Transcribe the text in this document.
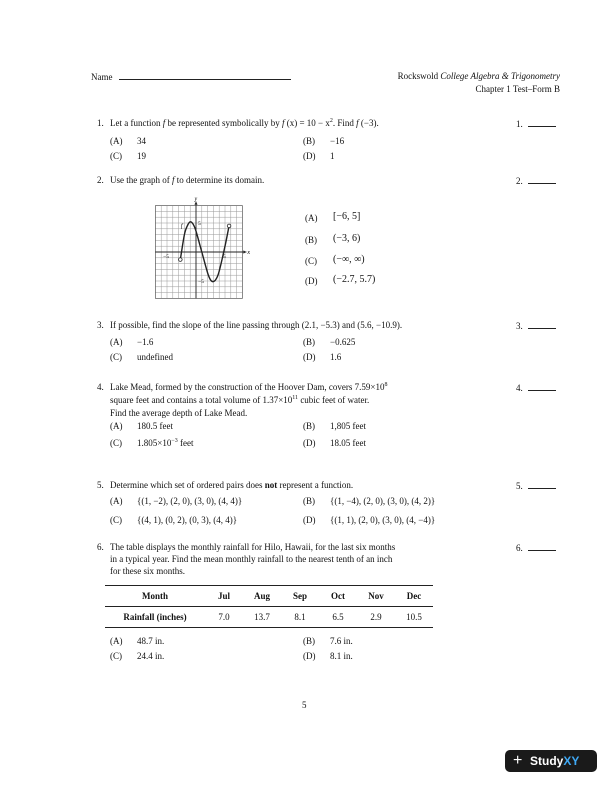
Name	Rockswold College Algebra & Trigonometry
Chapter 1 Test–Form B
1. Let a function f be represented symbolically by f $(x) = 10 - x^2$. Find f (−3).	1.
(A) 34	(B) −16
(C) 19	(D) 1
2. Use the graph of f to determine its domain.	2.
y
x
f
5
−5
5
−5
(A) [−6, 5]
(B) (−3, 6)
(C) (−∞, ∞)
(D) (−2.7, 5.7)
3. If possible, find the slope of the line passing through (2.1, −5.3) and (5.6, −10.9).	3.
(A) −1.6	(B) −0.625
(C) undefined	(D) 1.6
4. Lake Mead, formed by the construction of the Hoover Dam, covers $7.59\times 10^8$
square feet and contains a total volume of $1.37\times 10^{11}$ cubic feet of water.
Find the average depth of Lake Mead.
4.
(A) 180.5 feet	(B) 1,805 feet
(C) $1.805\times 10^{-3}$ feet	(D) 18.05 feet
5. Determine which set of ordered pairs does not represent a function.	5.
(A) {(1, −2), (2, 0), (3, 0), (4, 4)}	(B) {(1, −4), (2, 0), (3, 0), (4, 2)}
(C) {(4, 1), (0, 2), (0, 3), (4, 4)}	(D) {(1, 1), (2, 0), (3, 0), (4, −4)}
6. The table displays the monthly rainfall for Hilo, Hawaii, for the last six months
in a typical year. Find the mean monthly rainfall to the nearest tenth of an inch
for these six months.
6.
Month	Jul	Aug	Sep	Oct	Nov	Dec
Rainfall (inches)	7.0	13.7	8.1	6.5	2.9	10.5
(A) 48.7 in.	(B) 7.6 in.
(C) 24.4 in.	(D) 8.1 in.
5
+ StudyXY
